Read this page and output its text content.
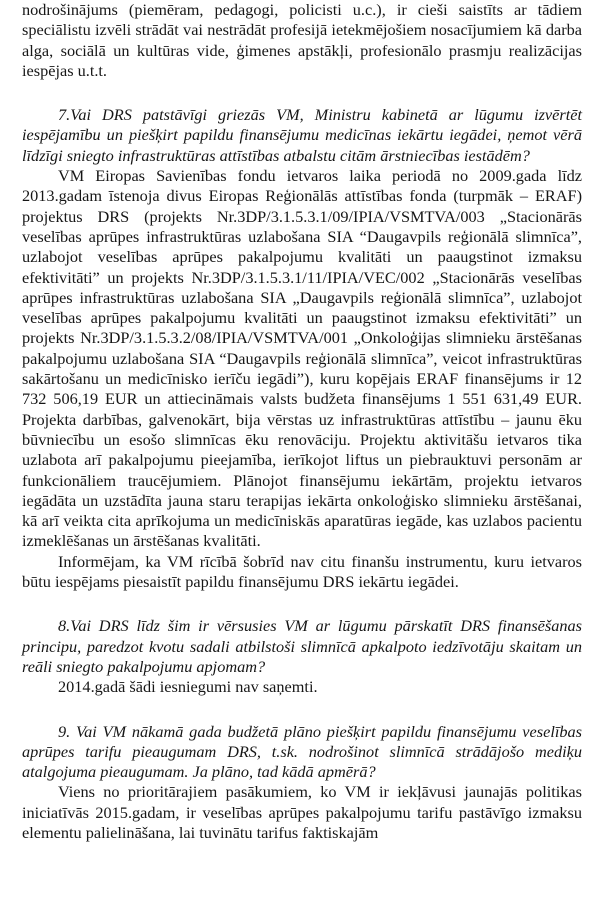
nodrošinājums (piemēram, pedagogi, policisti u.c.), ir cieši saistīts ar tādiem speciālistu izvēli strādāt vai nestrādāt profesijā ietekmējošiem nosacījumiem kā darba alga, sociālā un kultūras vide, ģimenes apstākļi, profesionālo prasmju realizācijas iespējas u.t.t.

7.Vai DRS patstāvīgi griezās VM, Ministru kabinetā ar lūgumu izvērtēt iespējamību un piešķirt papildu finansējumu medicīnas iekārtu iegādei, ņemot vērā līdzīgi sniegto infrastruktūras attīstības atbalstu citām ārstniecības iestādēm?

VM Eiropas Savienības fondu ietvaros laika periodā no 2009.gada līdz 2013.gadam īstenoja divus Eiropas Reģionālās attīstības fonda (turpmāk – ERAF) projektus DRS (projekts Nr.3DP/3.1.5.3.1/09/IPIA/VSMTVA/003 „Stacionārās veselības aprūpes infrastruktūras uzlabošana SIA “Daugavpils reģionālā slimnīca”, uzlabojot veselības aprūpes pakalpojumu kvalitāti un paaugstinot izmaksu efektivitāti” un projekts Nr.3DP/3.1.5.3.1/11/IPIA/VEC/002 „Stacionārās veselības aprūpes infrastruktūras uzlabošana SIA „Daugavpils reģionālā slimnīca”, uzlabojot veselības aprūpes pakalpojumu kvalitāti un paaugstinot izmaksu efektivitāti” un projekts Nr.3DP/3.1.5.3.2/08/IPIA/VSMTVA/001 „Onkoloģijas slimnieku ārstēšanas pakalpojumu uzlabošana SIA “Daugavpils reģionālā slimnīca”, veicot infrastruktūras sakārtošanu un medicīnisko ierīču iegādi”), kuru kopējais ERAF finansējums ir 12 732 506,19 EUR un attiecināmais valsts budžeta finansējums 1 551 631,49 EUR. Projekta darbības, galvenokārt, bija vērstas uz infrastruktūras attīstību – jaunu ēku būvniecību un esošo slimnīcas ēku renovāciju. Projektu aktivitāšu ietvaros tika uzlabota arī pakalpojumu pieejamība, ierīkojot liftus un piebrauktuvi personām ar funkcionāliem traucējumiem. Plānojot finansējumu iekārtām, projektu ietvaros iegādāta un uzstādīta jauna staru terapijas iekārta onkoloģisko slimnieku ārstēšanai, kā arī veikta cita aprīkojuma un medicīniskās aparatūras iegāde, kas uzlabos pacientu izmeklēšanas un ārstēšanas kvalitāti.

Informējam, ka VM rīcībā šobrīd nav citu finanšu instrumentu, kuru ietvaros būtu iespējams piesaistīt papildu finansējumu DRS iekārtu iegādei.

8.Vai DRS līdz šim ir vērsusies VM ar lūgumu pārskatīt DRS finansēšanas principu, paredzot kvotu sadali atbilstoši slimnīcā apkalpoto iedzīvotāju skaitam un reāli sniegto pakalpojumu apjomam?

2014.gadā šādi iesniegumi nav saņemti.

9. Vai VM nākamā gada budžetā plāno piešķirt papildu finansējumu veselības aprūpes tarifu pieaugumam DRS, t.sk. nodrošinot slimnīcā strādājošo mediķu atalgojuma pieaugumam. Ja plāno, tad kādā apmērā?

Viens no prioritārajiem pasākumiem, ko VM ir iekļāvusi jaunajās politikas iniciatīvās 2015.gadam, ir veselības aprūpes pakalpojumu tarifu pastāvīgo izmaksu elementu palielināšana, lai tuvinātu tarifus faktiskajām
